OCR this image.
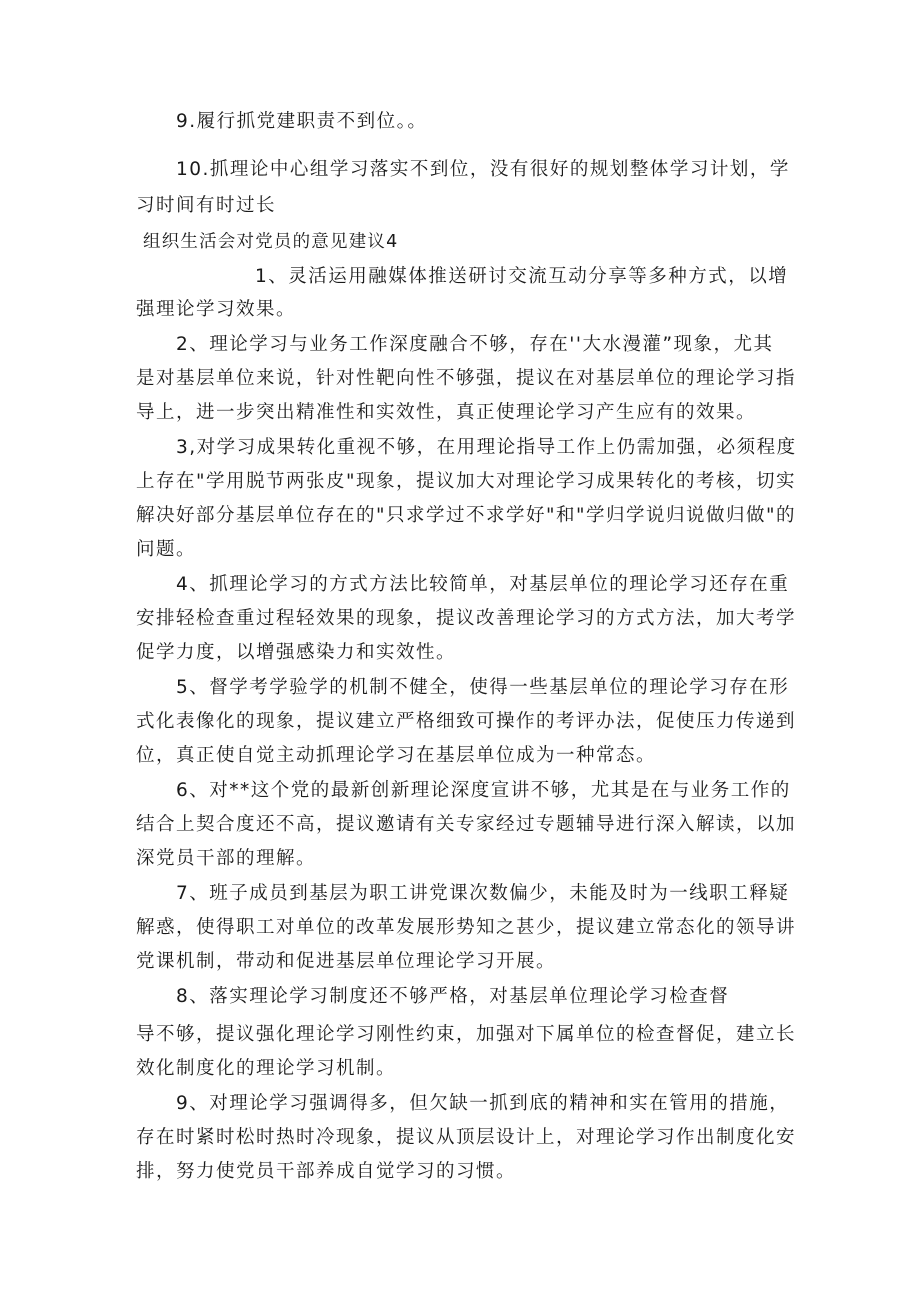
9.履行抓党建职责不到位。。
10.抓理论中心组学习落实不到位，没有很好的规划整体学习计划，学
习时间有时过长
组织生活会对党员的意见建议4
1、灵活运用融媒体推送研讨交流互动分享等多种方式，以增
强理论学习效果。
2、理论学习与业务工作深度融合不够，存在''大水漫灌”现象，尤其
是对基层单位来说，针对性靶向性不够强，提议在对基层单位的理论学习指
导上，进一步突出精准性和实效性，真正使理论学习产生应有的效果。
3,对学习成果转化重视不够，在用理论指导工作上仍需加强，必须程度
上存在"学用脱节两张皮"现象，提议加大对理论学习成果转化的考核，切实
解决好部分基层单位存在的"只求学过不求学好"和"学归学说归说做归做"的
问题。
4、抓理论学习的方式方法比较简单，对基层单位的理论学习还存在重
安排轻检查重过程轻效果的现象，提议改善理论学习的方式方法，加大考学
促学力度，以增强感染力和实效性。
5、督学考学验学的机制不健全，使得一些基层单位的理论学习存在形
式化表像化的现象，提议建立严格细致可操作的考评办法，促使压力传递到
位，真正使自觉主动抓理论学习在基层单位成为一种常态。
6、对**这个党的最新创新理论深度宣讲不够，尤其是在与业务工作的
结合上契合度还不高，提议邀请有关专家经过专题辅导进行深入解读，以加
深党员干部的理解。
7、班子成员到基层为职工讲党课次数偏少，未能及时为一线职工释疑
解惑，使得职工对单位的改革发展形势知之甚少，提议建立常态化的领导讲
党课机制，带动和促进基层单位理论学习开展。
8、落实理论学习制度还不够严格，对基层单位理论学习检查督
导不够，提议强化理论学习刚性约束，加强对下属单位的检查督促，建立长
效化制度化的理论学习机制。
9、对理论学习强调得多，但欠缺一抓到底的精神和实在管用的措施，
存在时紧时松时热时冷现象，提议从顶层设计上，对理论学习作出制度化安
排，努力使党员干部养成自觉学习的习惯。
